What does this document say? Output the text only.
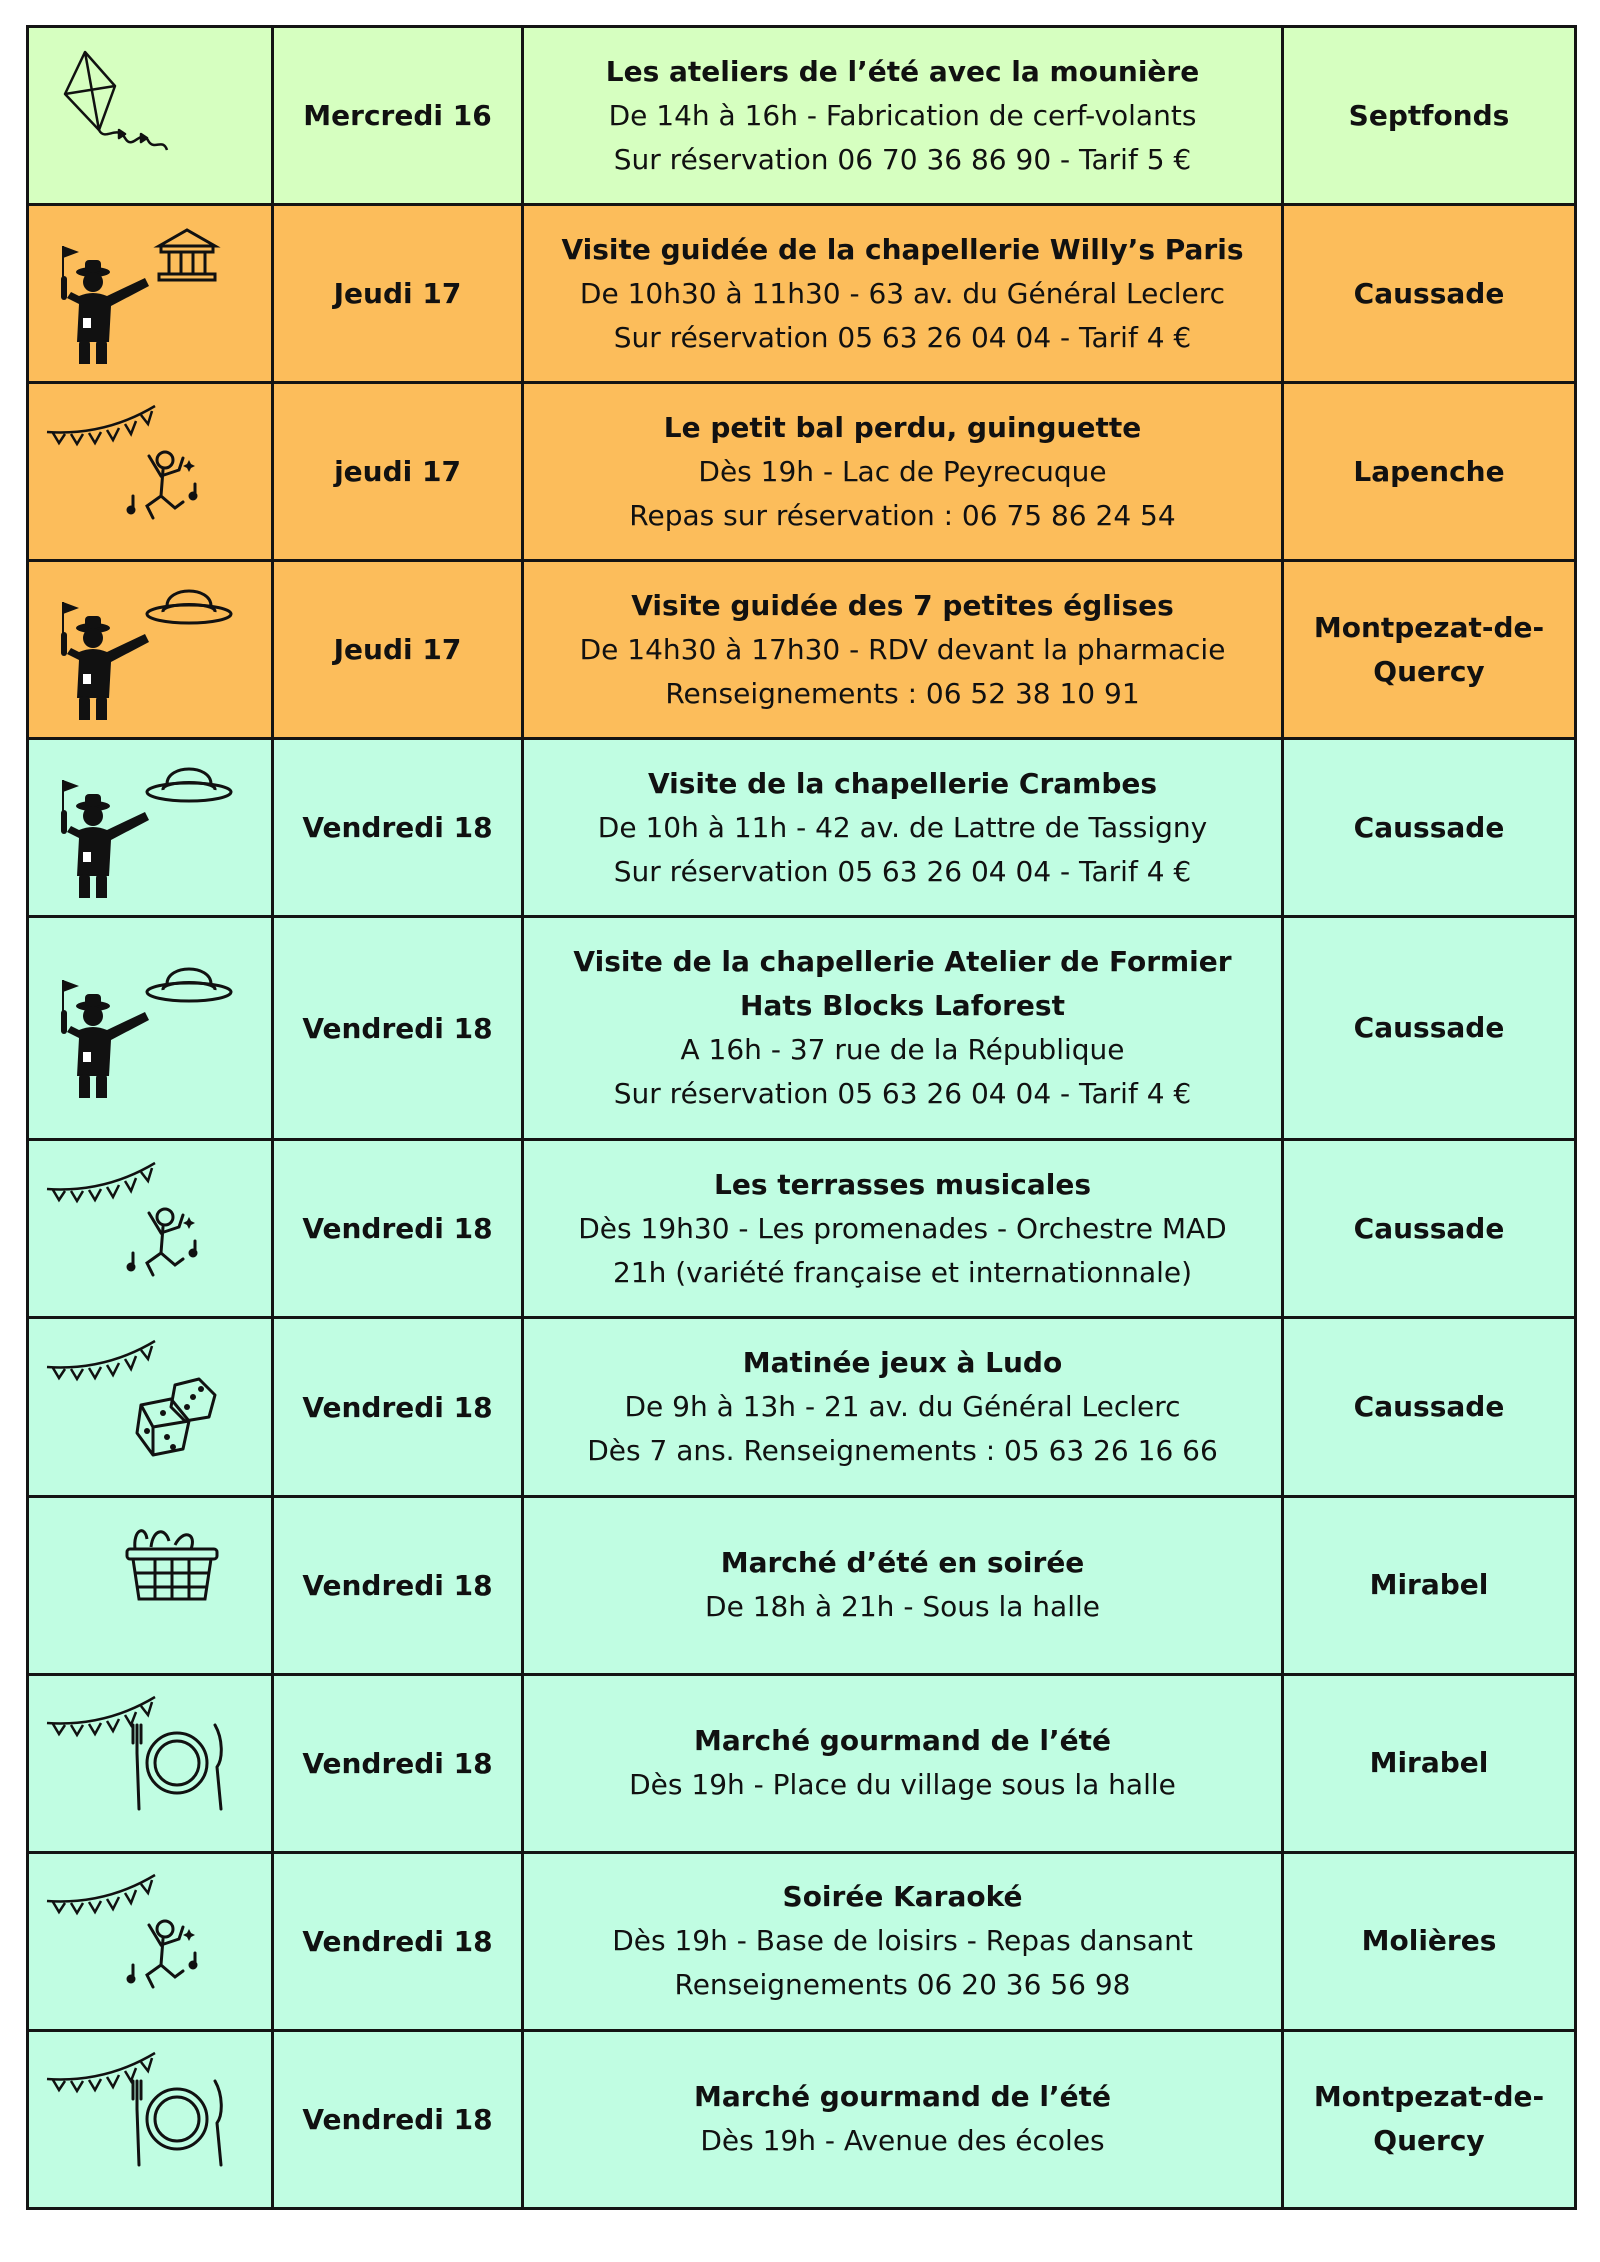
	Mercredi 16	Les ateliers de l’été avec la mounière
De 14h à 16h - Fabrication de cerf-volants
Sur réservation 06 70 36 86 90 - Tarif 5 €	Septfonds

	Jeudi 17	Visite guidée de la chapellerie Willy’s Paris
De 10h30 à 11h30 - 63 av. du Général Leclerc
Sur réservation 05 63 26 04 04 - Tarif 4 €	Caussade

	jeudi 17	Le petit bal perdu, guinguette
Dès 19h - Lac de Peyrecuque
Repas sur réservation : 06 75 86 24 54	Lapenche

	Jeudi 17	Visite guidée des 7 petites églises
De 14h30 à 17h30 - RDV devant la pharmacie
Renseignements : 06 52 38 10 91	Montpezat-de-Quercy

	Vendredi 18	Visite de la chapellerie Crambes
De 10h à 11h - 42 av. de Lattre de Tassigny
Sur réservation 05 63 26 04 04 - Tarif 4 €	Caussade

	Vendredi 18	Visite de la chapellerie Atelier de Formier
Hats Blocks Laforest
A 16h - 37 rue de la République
Sur réservation 05 63 26 04 04 - Tarif 4 €	Caussade

	Vendredi 18	Les terrasses musicales
Dès 19h30 - Les promenades - Orchestre MAD
21h (variété française et internationnale)	Caussade

	Vendredi 18	Matinée jeux à Ludo
De 9h à 13h - 21 av. du Général Leclerc
Dès 7 ans. Renseignements : 05 63 26 16 66	Caussade

	Vendredi 18	Marché d’été en soirée
De 18h à 21h - Sous la halle	Mirabel

	Vendredi 18	Marché gourmand de l’été
Dès 19h - Place du village sous la halle	Mirabel

	Vendredi 18	Soirée Karaoké
Dès 19h - Base de loisirs - Repas dansant
Renseignements 06 20 36 56 98	Molières

	Vendredi 18	Marché gourmand de l’été
Dès 19h - Avenue des écoles	Montpezat-de-Quercy
